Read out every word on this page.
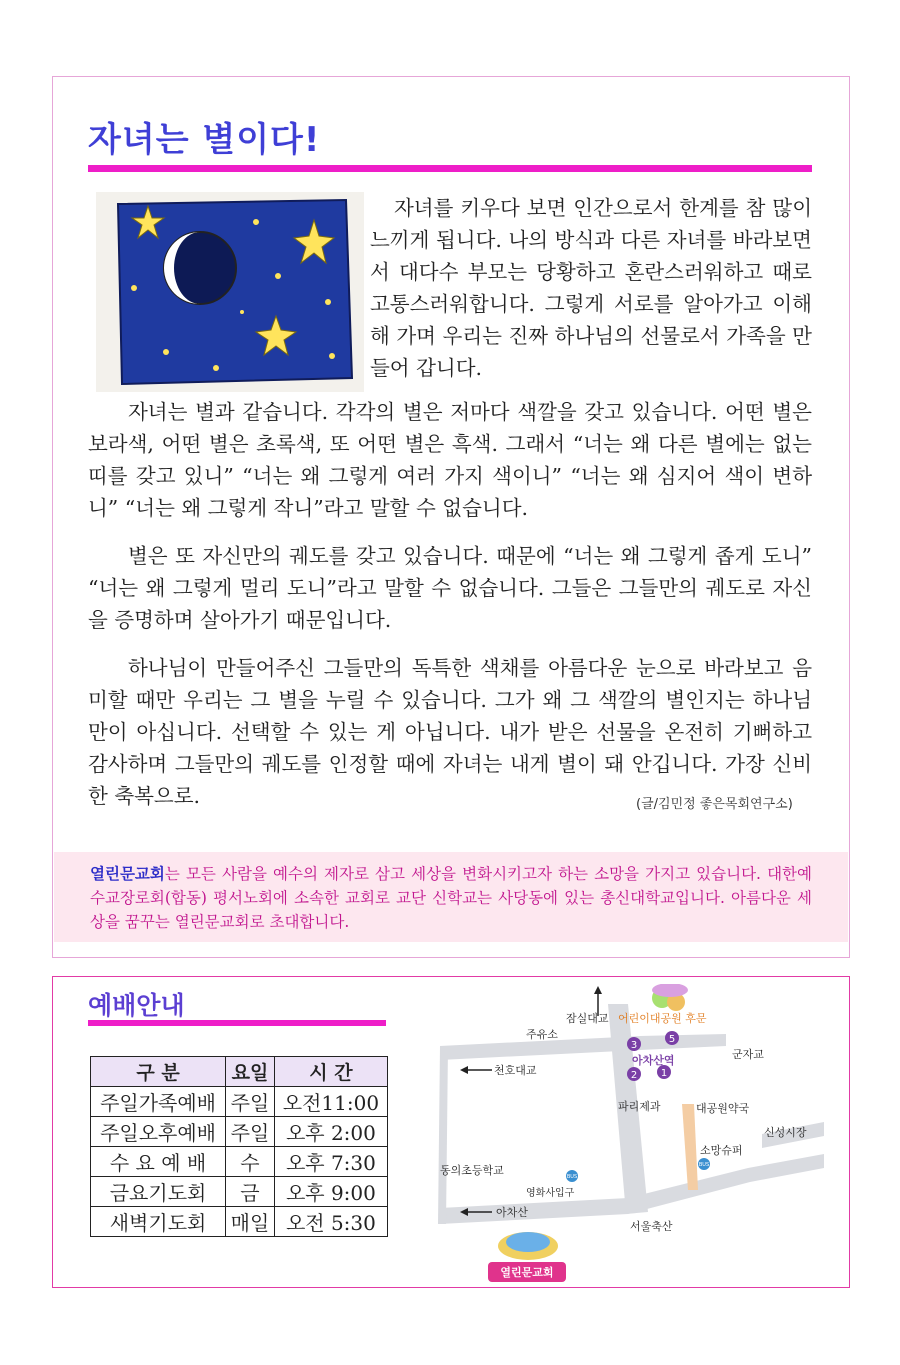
자녀는 별이다!

자녀를 키우다 보면 인간으로서 한계를 참 많이 느끼게 됩니다. 나의 방식과 다른 자녀를 바라보면서 대다수 부모는 당황하고 혼란스러워하고 때로 고통스러워합니다. 그렇게 서로를 알아가고 이해해 가며 우리는 진짜 하나님의 선물로서 가족을 만들어 갑니다.

자녀는 별과 같습니다. 각각의 별은 저마다 색깔을 갖고 있습니다. 어떤 별은 보라색, 어떤 별은 초록색, 또 어떤 별은 흑색. 그래서 “너는 왜 다른 별에는 없는 띠를 갖고 있니” “너는 왜 그렇게 여러 가지 색이니” “너는 왜 심지어 색이 변하니” “너는 왜 그렇게 작니”라고 말할 수 없습니다.

별은 또 자신만의 궤도를 갖고 있습니다. 때문에 “너는 왜 그렇게 좁게 도니” “너는 왜 그렇게 멀리 도니”라고 말할 수 없습니다. 그들은 그들만의 궤도로 자신을 증명하며 살아가기 때문입니다.

하나님이 만들어주신 그들만의 독특한 색채를 아름다운 눈으로 바라보고 음미할 때만 우리는 그 별을 누릴 수 있습니다. 그가 왜 그 색깔의 별인지는 하나님만이 아십니다. 선택할 수 있는 게 아닙니다. 내가 받은 선물을 온전히 기뻐하고 감사하며 그들만의 궤도를 인정할 때에 자녀는 내게 별이 돼 안깁니다. 가장 신비한 축복으로.	(글/김민정 좋은목회연구소)

열린문교회는 모든 사람을 예수의 제자로 삼고 세상을 변화시키고자 하는 소망을 가지고 있습니다. 대한예수교장로회(합동) 평서노회에 소속한 교회로 교단 신학교는 사당동에 있는 총신대학교입니다. 아름다운 세상을 꿈꾸는 열린문교회로 초대합니다.

예배안내
구 분	요일	시 간
주일가족예배	주일	오전11:00
주일오후예배	주일	오후 2:00
수 요 예 배	수	오후 7:30
금요기도회	금	오후 9:00
새벽기도회	매일	오전 5:30
3
5
2 1
BUS
BUS
잠실대교 어린이대공원 후문
주유소
천호대교
군자교
아차산역
파리제과	대공원약국
신성시장
소망슈퍼
동의초등학교
영화사입구
아차산
서울축산
열린문교회
